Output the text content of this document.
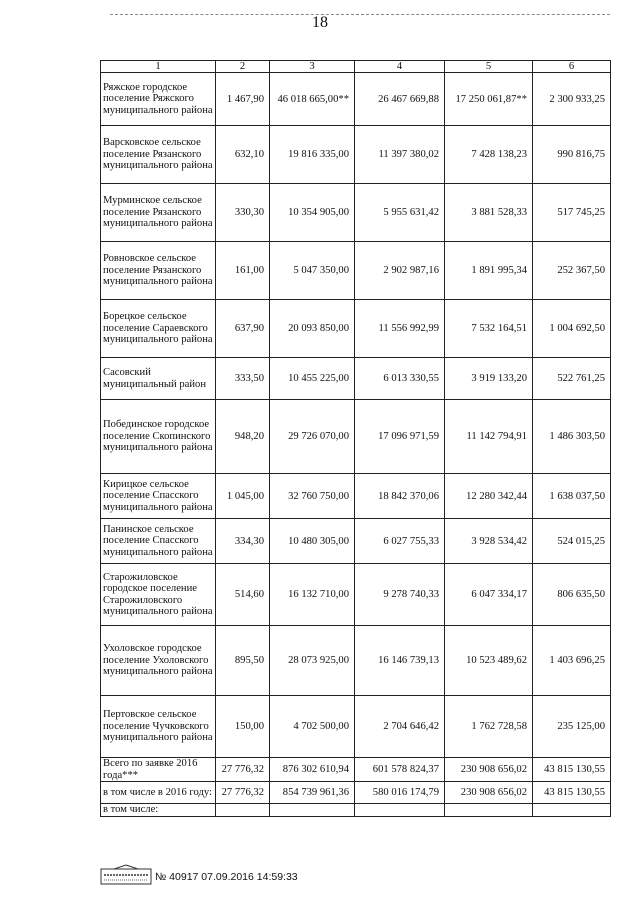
18
1	2	3	4	5	6
Ряжское городское поселение Ряжского муниципального района	1 467,90	46 018 665,00**	26 467 669,88	17 250 061,87**	2 300 933,25
Варсковское сельское поселение Рязанского муниципального района	632,10	19 816 335,00	11 397 380,02	7 428 138,23	990 816,75
Мурминское сельское поселение Рязанского муниципального района	330,30	10 354 905,00	5 955 631,42	3 881 528,33	517 745,25
Ровновское сельское поселение Рязанского муниципального района	161,00	5 047 350,00	2 902 987,16	1 891 995,34	252 367,50
Борецкое сельское поселение Сараевского муниципального района	637,90	20 093 850,00	11 556 992,99	7 532 164,51	1 004 692,50
Сасовский муниципальный район	333,50	10 455 225,00	6 013 330,55	3 919 133,20	522 761,25
Побединское городское поселение Скопинского муниципального района	948,20	29 726 070,00	17 096 971,59	11 142 794,91	1 486 303,50
Кирицкое сельское поселение Спасского муниципального района	1 045,00	32 760 750,00	18 842 370,06	12 280 342,44	1 638 037,50
Панинское сельское поселение Спасского муниципального района	334,30	10 480 305,00	6 027 755,33	3 928 534,42	524 015,25
Старожиловское городское поселение Старожиловского муниципального района	514,60	16 132 710,00	9 278 740,33	6 047 334,17	806 635,50
Ухоловское городское поселение Ухоловского муниципального района	895,50	28 073 925,00	16 146 739,13	10 523 489,62	1 403 696,25
Пертовское сельское поселение Чучковского муниципального района	150,00	4 702 500,00	2 704 646,42	1 762 728,58	235 125,00
Всего по заявке 2016 года***	27 776,32	876 302 610,94	601 578 824,37	230 908 656,02	43 815 130,55
в том числе в 2016 году:	27 776,32	854 739 961,36	580 016 174,79	230 908 656,02	43 815 130,55
в том числе:					
№ 40917 07.09.2016 14:59:33
